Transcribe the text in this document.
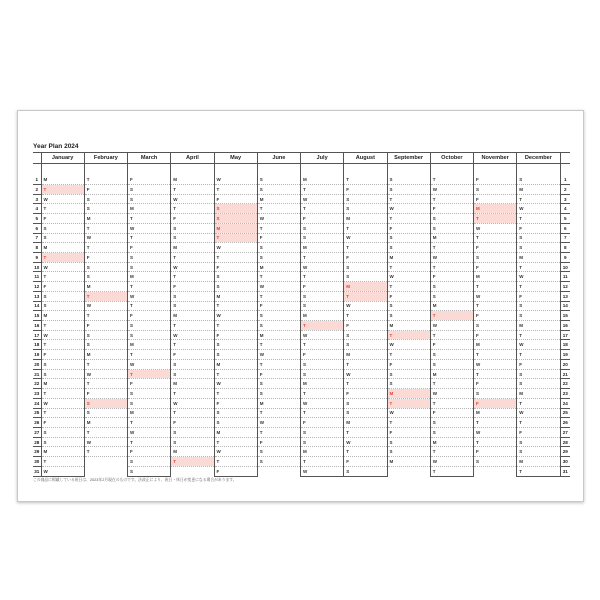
Year Plan 2024
	January	February	March	April	May	June	July	August	September	October	November	December	

1	M	T	F	M	W	S	M	T	S	T	F	S	1
2	T	F	S	T	T	S	T	F	S	W	S	M	2
3	W	S	S	W	F	M	W	S	T	T	F	T	3
4	T	S	M	T	S	T	T	S	W	F	M	W	4
5	F	M	T	F	S	W	F	M	T	S	T	T	5
6	S	T	W	S	M	T	S	T	F	S	W	F	6
7	S	W	T	S	T	F	S	W	S	M	T	S	7
8	M	T	F	M	W	S	M	T	S	T	F	S	8
9	T	F	S	T	T	S	T	F	M	W	S	M	9
10	W	S	S	W	F	M	W	S	T	T	F	T	10
11	T	S	M	T	S	T	T	S	W	F	M	W	11
12	F	M	T	F	S	W	F	M	T	S	T	T	12
13	S	T	W	S	M	T	S	T	F	S	W	F	13
14	S	W	T	S	T	F	S	W	S	M	T	S	14
15	M	T	F	M	W	S	M	T	S	T	F	S	15
16	T	F	S	T	T	S	T	F	M	W	S	M	16
17	W	S	S	W	F	M	W	S	T	T	F	T	17
18	T	S	M	T	S	T	T	S	W	F	M	W	18
19	F	M	T	F	S	W	F	M	T	S	T	T	19
20	S	T	W	S	M	T	S	T	F	S	W	F	20
21	S	W	T	S	T	F	S	W	S	M	T	S	21
22	M	T	F	M	W	S	M	T	S	T	F	S	22
23	T	F	S	T	T	S	T	F	M	W	S	M	23
24	W	S	S	W	F	M	W	S	T	T	F	T	24
25	T	S	M	T	S	T	T	S	W	F	M	W	25
26	F	M	T	F	S	W	F	M	T	S	T	T	26
27	S	T	W	S	M	T	S	T	F	S	W	F	27
28	S	W	T	S	T	F	S	W	S	M	T	S	28
29	M	T	F	M	W	S	M	T	S	T	F	S	29
30	T		S	T	T	S	T	F	M	W	S	M	30
31	W		S		F		W	S		T		T	31
この商品に掲載している祝日は、2023年2月現在のものです。法改正により、祝日・休日が変更になる場合があります。
